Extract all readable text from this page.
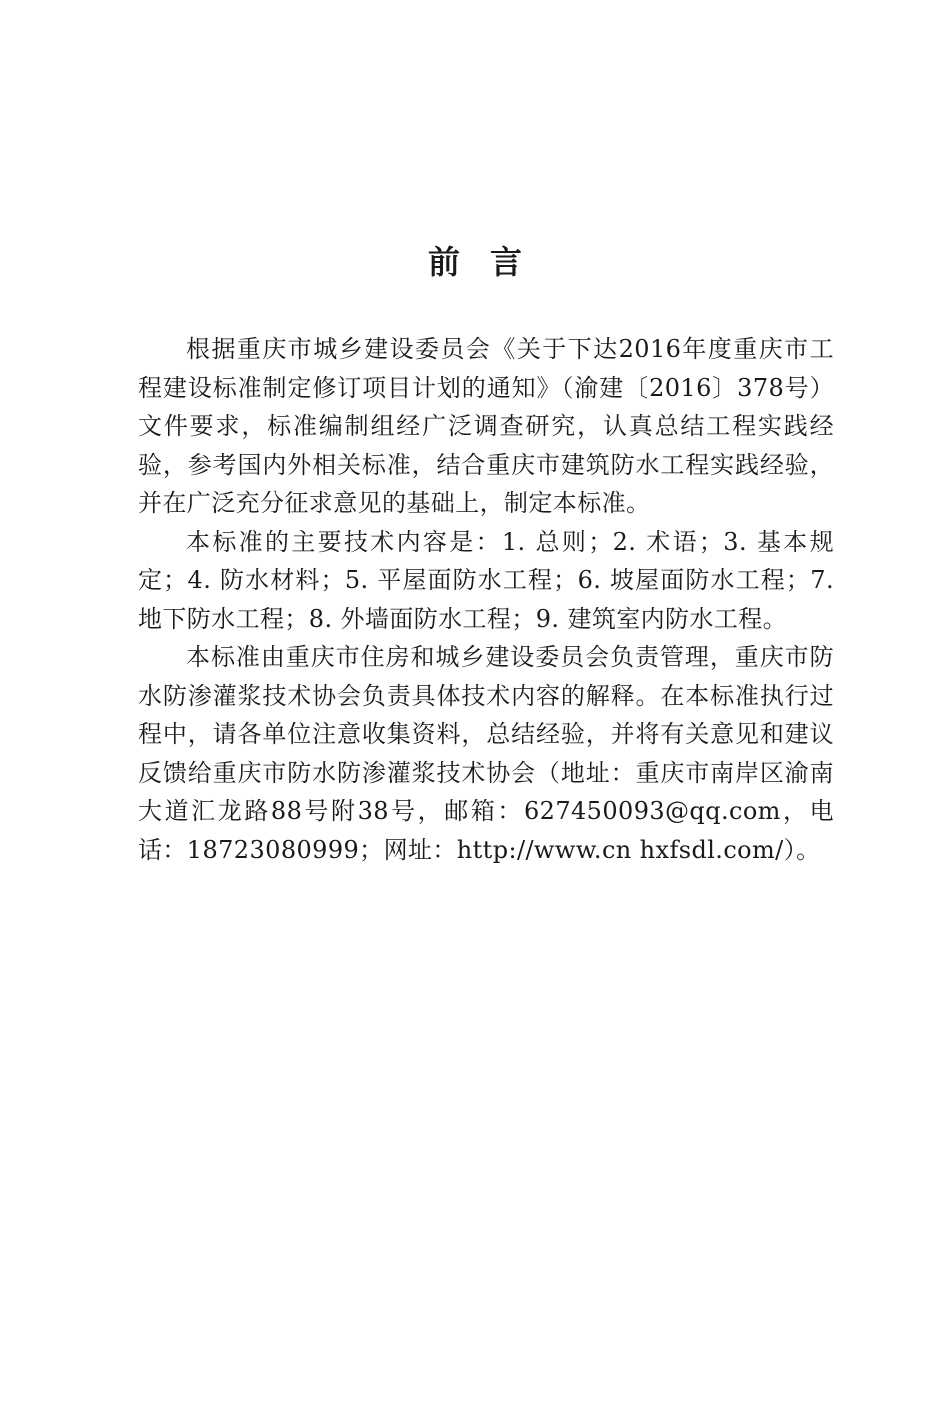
前言

根据重庆市城乡建设委员会《关于下达2016年度重庆市工程建设标准制定修订项目计划的通知》（渝建〔2016〕378号）文件要求，标准编制组经广泛调查研究，认真总结工程实践经验，参考国内外相关标准，结合重庆市建筑防水工程实践经验，并在广泛充分征求意见的基础上，制定本标准。

本标准的主要技术内容是：1. 总则；2. 术语；3. 基本规定；4. 防水材料；5. 平屋面防水工程；6. 坡屋面防水工程；7. 地下防水工程；8. 外墙面防水工程；9. 建筑室内防水工程。

本标准由重庆市住房和城乡建设委员会负责管理，重庆市防水防渗灌浆技术协会负责具体技术内容的解释。在本标准执行过程中，请各单位注意收集资料，总结经验，并将有关意见和建议反馈给重庆市防水防渗灌浆技术协会（地址：重庆市南岸区渝南大道汇龙路88号附38号，邮箱：627450093@qq.com，电话：18723080999；网址：http://www.cn hxfsdl.com/）。
